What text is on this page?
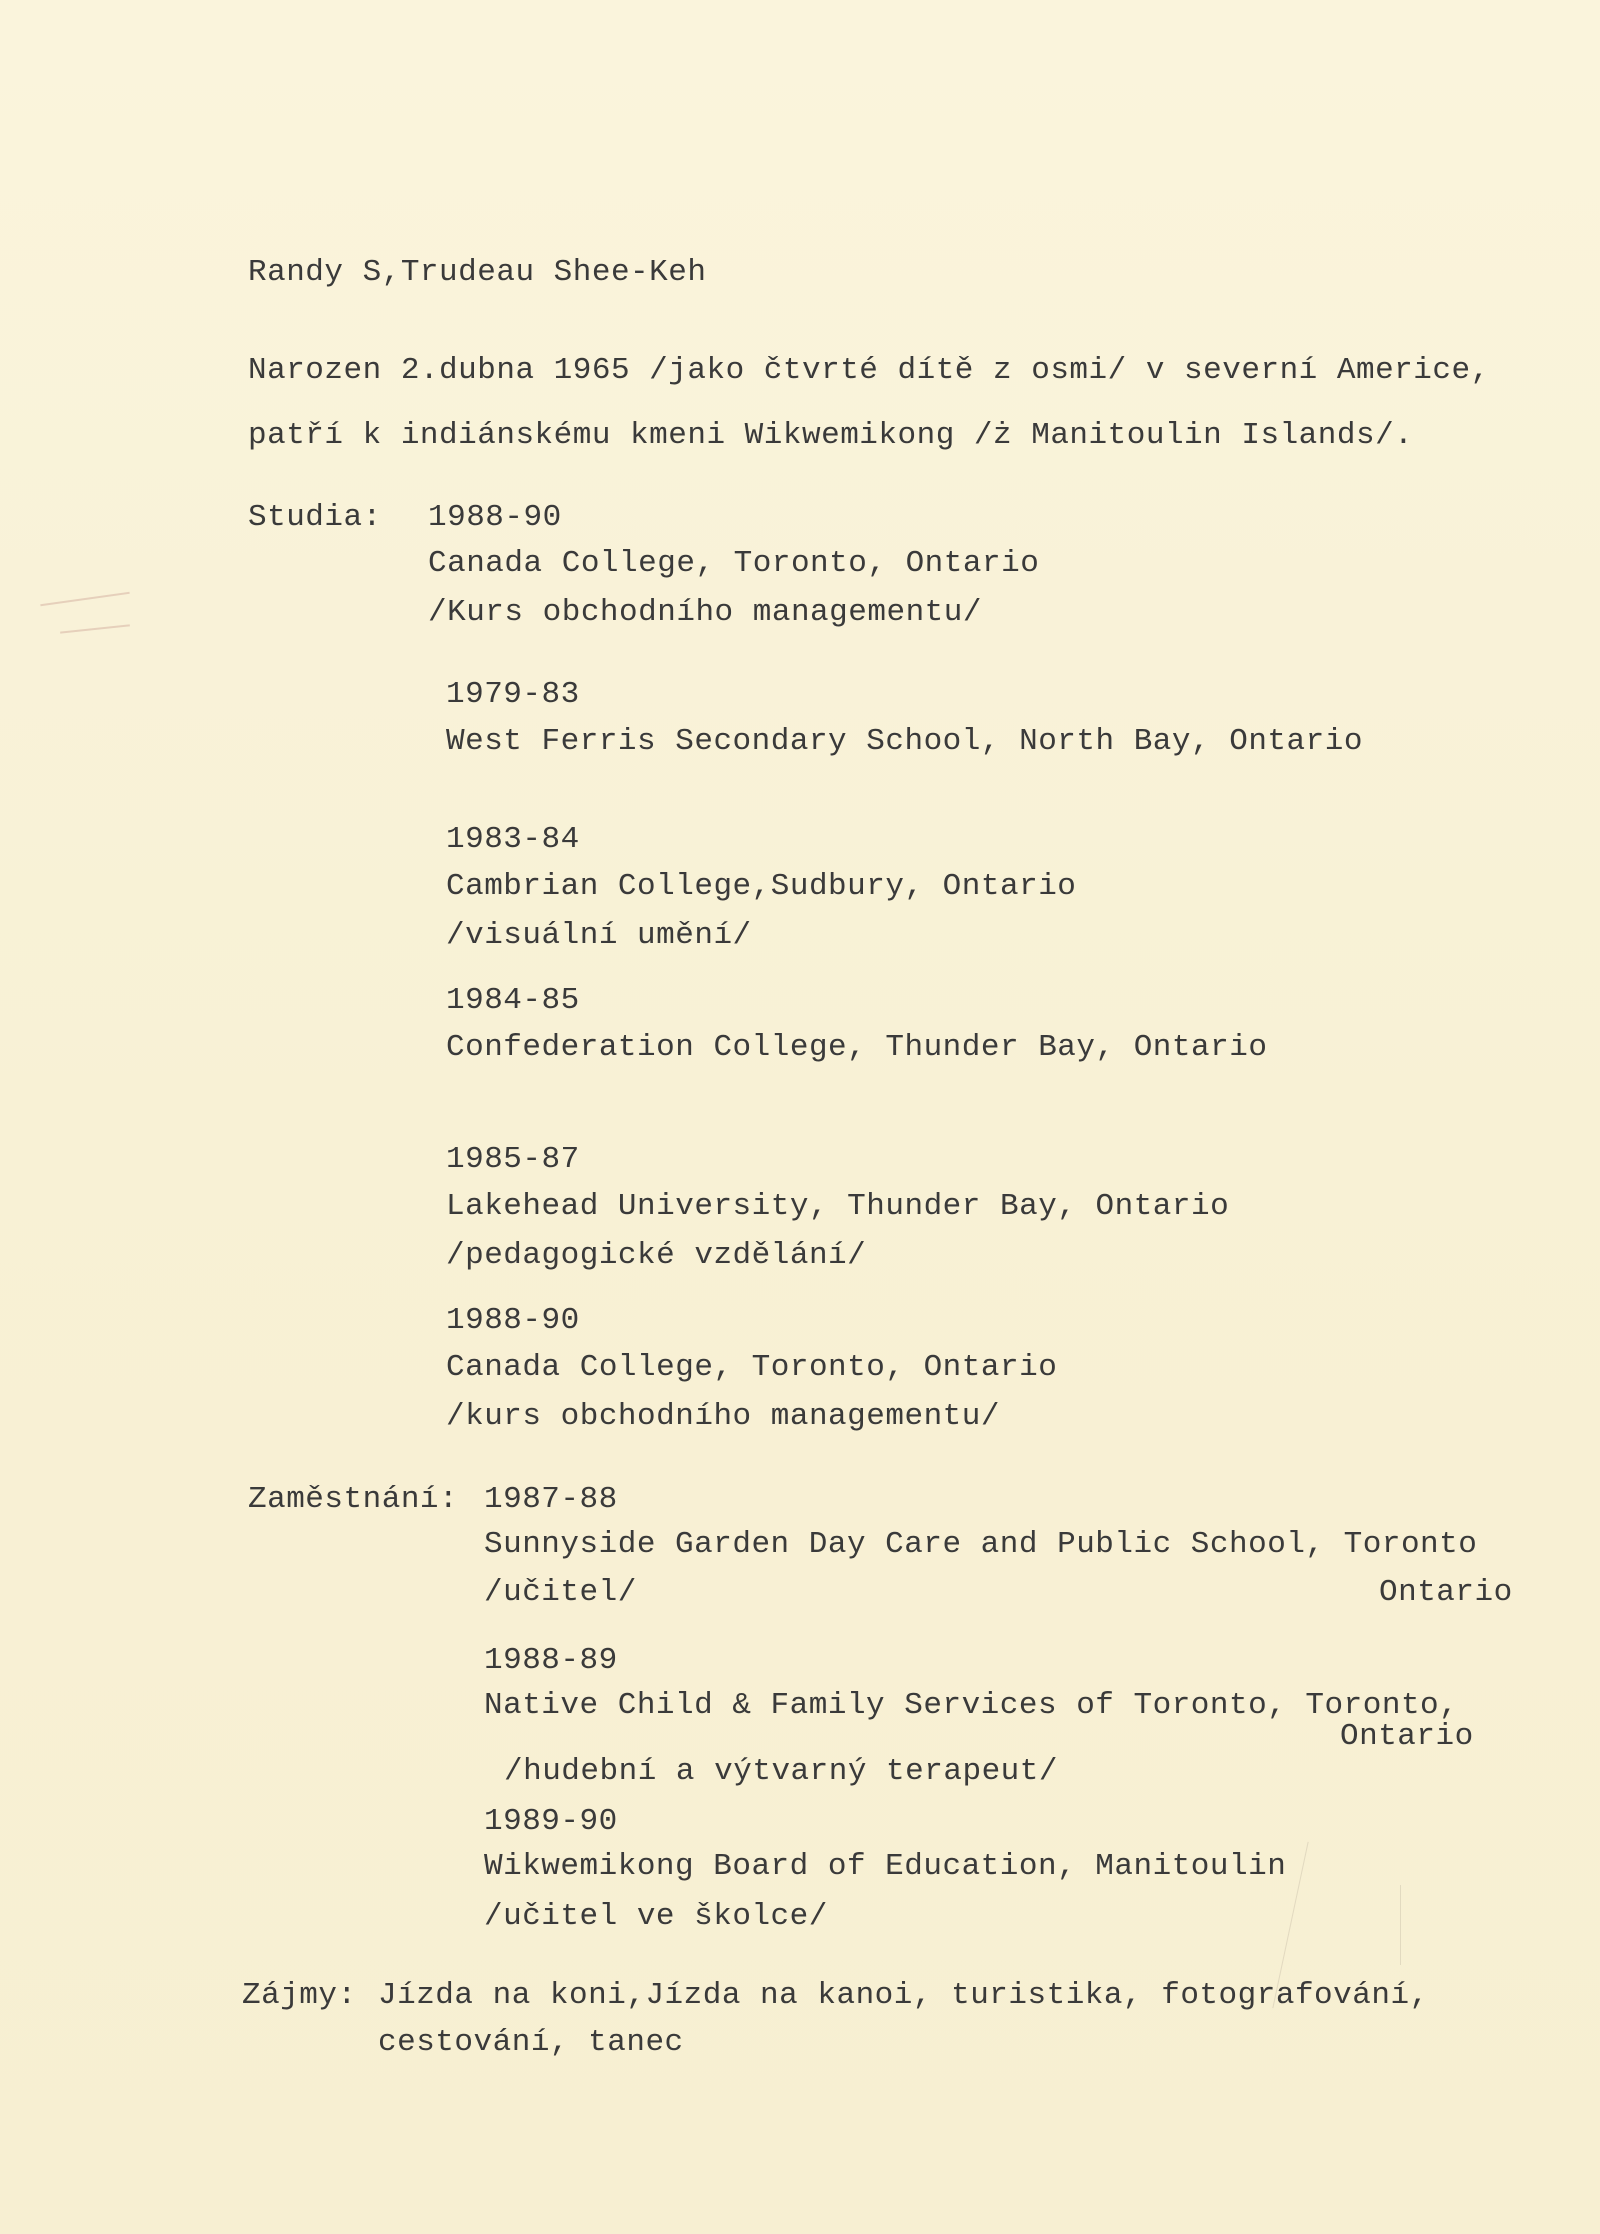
Randy S,Trudeau Shee-Keh
Narozen 2.dubna 1965 /jako čtvrté dítě z osmi/ v severní Americe,
patří k indiánskému kmeni Wikwemikong /ż Manitoulin Islands/.
Studia: 1988-90
Canada College, Toronto, Ontario
/Kurs obchodního managementu/
1979-83
West Ferris Secondary School, North Bay, Ontario
1983-84
Cambrian College,Sudbury, Ontario
/visuální umění/
1984-85
Confederation College, Thunder Bay, Ontario
1985-87
Lakehead University, Thunder Bay, Ontario
/pedagogické vzdělání/
1988-90
Canada College, Toronto, Ontario
/kurs obchodního managementu/
Zaměstnání: 1987-88
Sunnyside Garden Day Care and Public School, Toronto
/učitel/	Ontario
1988-89
Native Child & Family Services of Toronto, Toronto,
Ontario
/hudební a výtvarný terapeut/
1989-90
Wikwemikong Board of Education, Manitoulin
/učitel ve školce/
Zájmy: Jízda na koni,Jízda na kanoi, turistika, fotografování,
cestování, tanec
